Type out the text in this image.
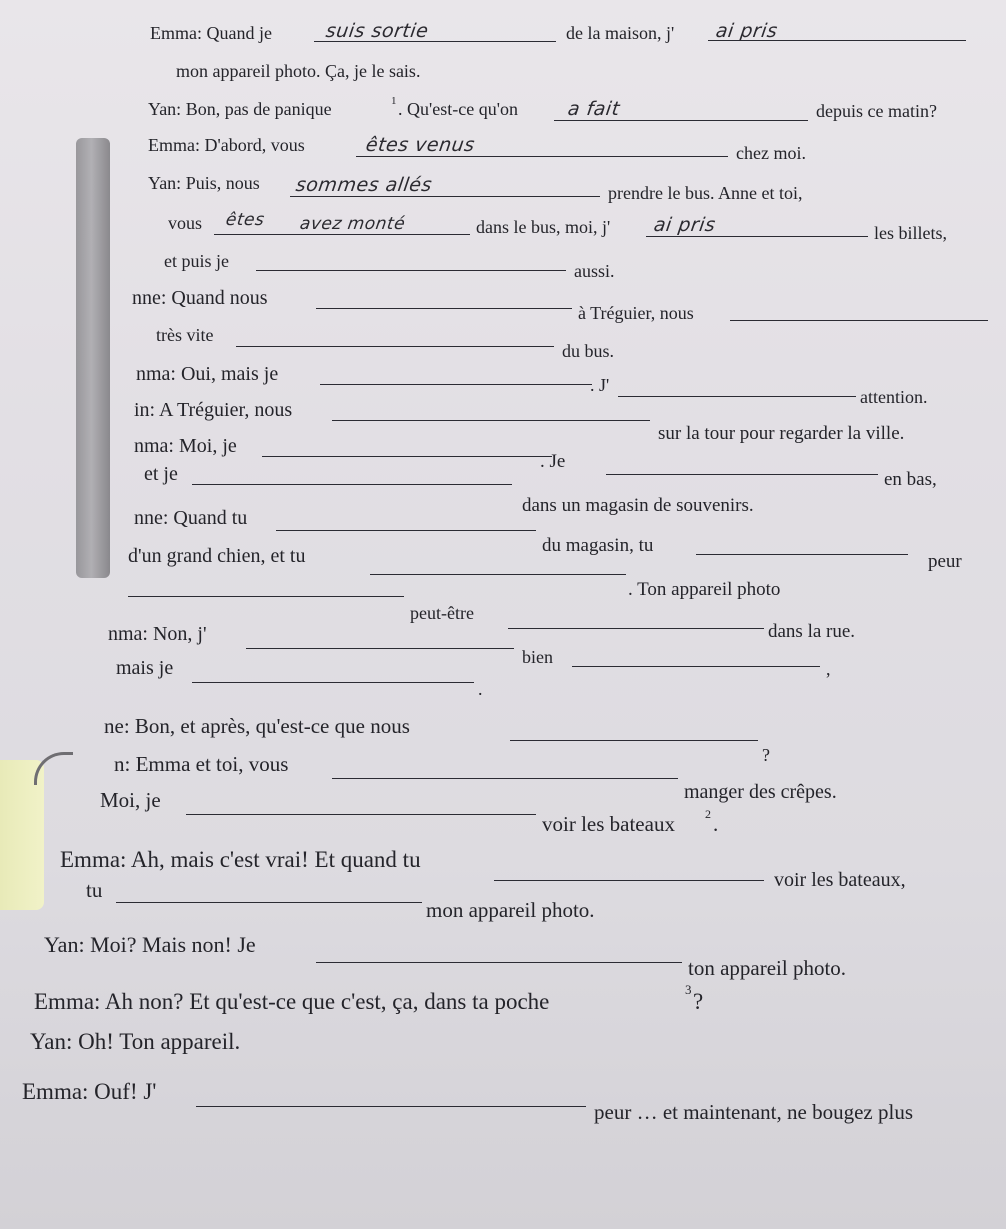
Emma: Quand je	suis sortie	de la maison, j' ai pris
mon appareil photo. Ça, je le sais.
Yan: Bon, pas de panique	1 . Qu'est-ce qu'on	a fait	depuis ce matin?
Emma: D'abord, vous	êtes venus	chez moi.
Yan: Puis, nous sommes allés	prendre le bus. Anne et toi,
vous êtes avez monté	dans le bus, moi, j' ai pris	les billets,
et puis je	aussi.
nne: Quand nous
à Tréguier, nous
très vite
du bus.
nma: Oui, mais je	. J'
attention.
in: A Tréguier, nous
sur la tour pour regarder la ville.
nma: Moi, je
. Je
et je	en bas,
dans un magasin de souvenirs.
nne: Quand tu
du magasin, tu
d'un grand chien, et tu	peur
. Ton appareil photo
peut-être
dans la rue.
nma: Non, j'
bien
mais je	,
.
ne: Bon, et après, qu'est-ce que nous
?
n: Emma et toi, vous
manger des crêpes.
Moi, je
voir les bateaux	2 .
Emma: Ah, mais c'est vrai! Et quand tu
voir les bateaux,
tu
mon appareil photo.
Yan: Moi? Mais non! Je
ton appareil photo.
Emma: Ah non? Et qu'est-ce que c'est, ça, dans ta poche	3 ?
Yan: Oh! Ton appareil.
Emma: Ouf! J'
peur … et maintenant, ne bougez plus
